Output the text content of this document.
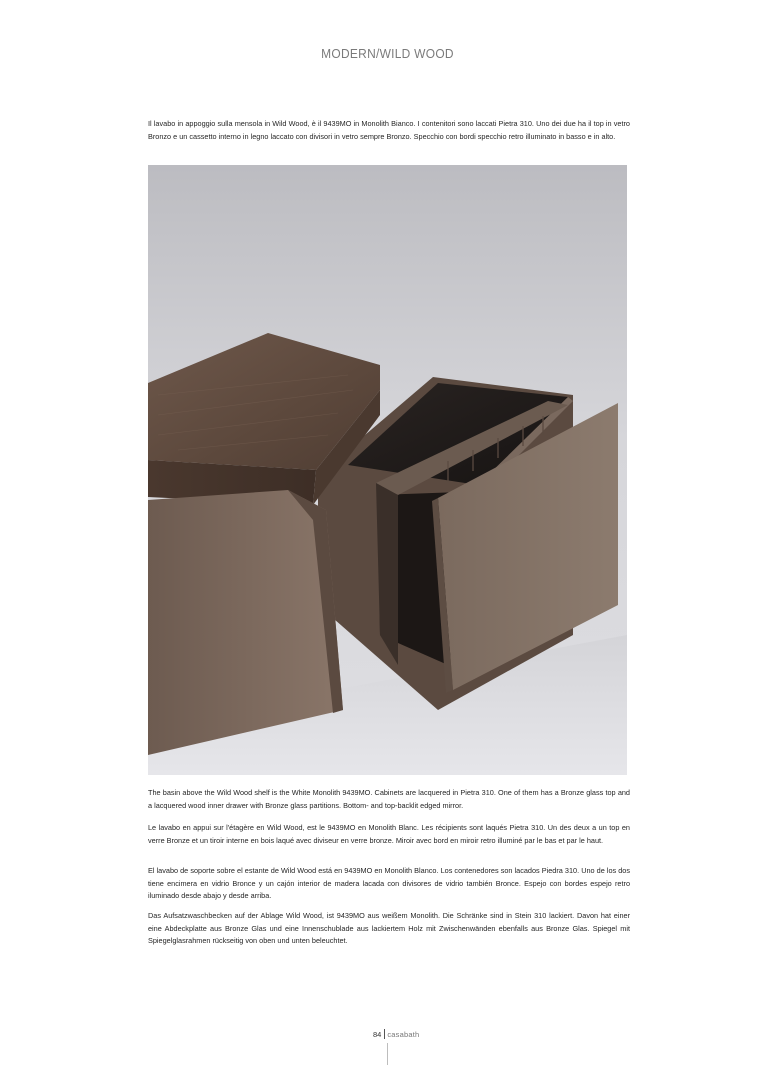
MODERN/WILD WOOD

Il lavabo in appoggio sulla mensola in Wild Wood, è il 9439MO in Monolith Bianco. I contenitori sono laccati Pietra 310. Uno dei due ha il top in vetro Bronzo e un cassetto interno in legno laccato con divisori in vetro sempre Bronzo. Specchio con bordi specchio retro illuminato in basso e in alto.

The basin above the Wild Wood shelf is the White Monolith 9439MO. Cabinets are lacquered in Pietra 310. One of them has a Bronze glass top and a lacquered wood inner drawer with Bronze glass partitions. Bottom- and top-backlit edged mirror.

Le lavabo en appui sur l'étagère en Wild Wood, est le 9439MO en Monolith Blanc. Les récipients sont laqués Pietra 310. Un des deux a un top en verre Bronze et un tiroir interne en bois laqué avec diviseur en verre bronze. Miroir avec bord en miroir retro illuminé par le bas et par le haut.

El lavabo de soporte sobre el estante de Wild Wood está en 9439MO en Monolith Blanco. Los contenedores son lacados Piedra 310. Uno de los dos tiene encimera en vidrio Bronce y un cajón interior de madera lacada con divisores de vidrio también Bronce. Espejo con bordes espejo retro iluminado desde abajo y desde arriba.

Das Aufsatzwaschbecken auf der Ablage Wild Wood, ist 9439MO aus weißem Monolith. Die Schränke sind in Stein 310 lackiert. Davon hat einer eine Abdeckplatte aus Bronze Glas und eine Innenschublade aus lackiertem Holz mit Zwischenwänden ebenfalls aus Bronze Glas. Spiegel mit Spiegelglasrahmen rückseitig von oben und unten beleuchtet.

84 casabath
